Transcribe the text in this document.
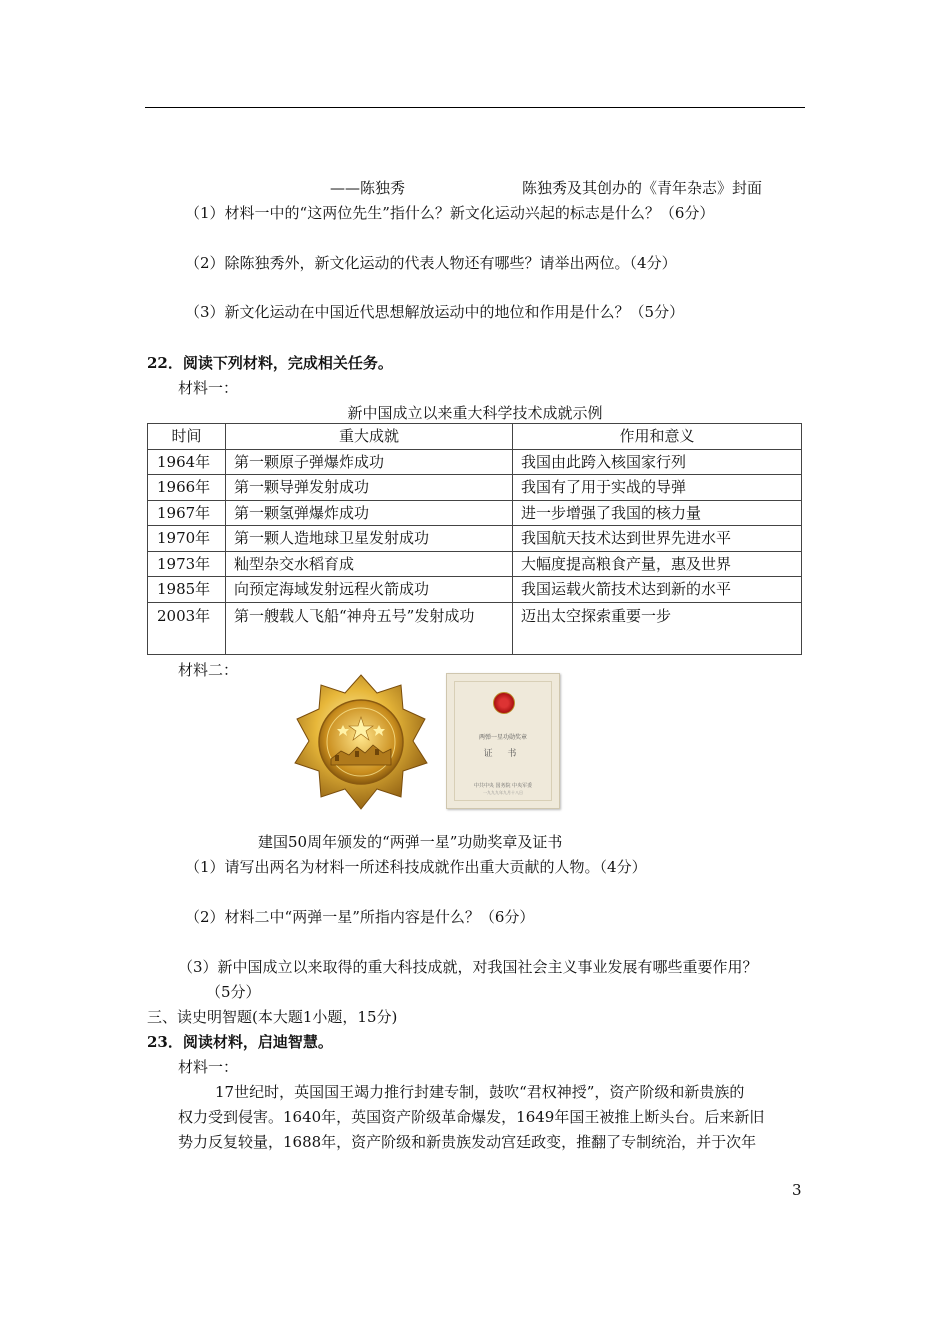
——陈独秀	陈独秀及其创办的《青年杂志》封面
（1）材料一中的“这两位先生”指什么？新文化运动兴起的标志是什么？（6分）
（2）除陈独秀外，新文化运动的代表人物还有哪些？请举出两位。（4分）
（3）新文化运动在中国近代思想解放运动中的地位和作用是什么？（5分）
22．阅读下列材料，完成相关任务。
材料一：
新中国成立以来重大科学技术成就示例
时间	重大成就	作用和意义
1964年	第一颗原子弹爆炸成功	我国由此跨入核国家行列
1966年	第一颗导弹发射成功	我国有了用于实战的导弹
1967年	第一颗氢弹爆炸成功	进一步增强了我国的核力量
1970年	第一颗人造地球卫星发射成功	我国航天技术达到世界先进水平
1973年	籼型杂交水稻育成	大幅度提高粮食产量，惠及世界
1985年	向预定海域发射远程火箭成功	我国运载火箭技术达到新的水平
2003年	第一艘载人飞船“神舟五号”发射成功	迈出太空探索重要一步
材料二：
两弹一星功勋奖章
证 书
中共中央 国务院 中央军委
一九九九年九月十八日
建国50周年颁发的“两弹一星”功勋奖章及证书
（1）请写出两名为材料一所述科技成就作出重大贡献的人物。（4分）
（2）材料二中“两弹一星”所指内容是什么？（6分）
（3）新中国成立以来取得的重大科技成就，对我国社会主义事业发展有哪些重要作用？
（5分）
三、读史明智题(本大题1小题，15分)
23．阅读材料，启迪智慧。
材料一：
17世纪时，英国国王竭力推行封建专制，鼓吹“君权神授”，资产阶级和新贵族的
权力受到侵害。1640年，英国资产阶级革命爆发，1649年国王被推上断头台。后来新旧
势力反复较量，1688年，资产阶级和新贵族发动宫廷政变，推翻了专制统治，并于次年
3
